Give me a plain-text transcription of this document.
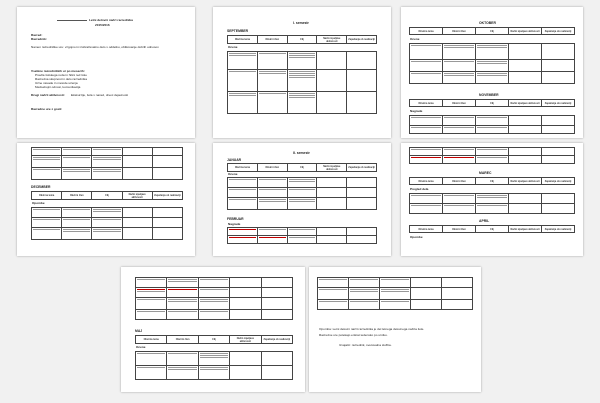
Letni delovni načrt razrednika
2015/2016
Razred:
Razrednik:
Namen razredniške ure: vzgojno in izobraževalno delo v oddelku, oblikovanje dobrih odnosov
Vsebine razredniških ur po mesecih:
Pravila šolskega reda in hišni red šole
Razredna skupnost in delo razrednika
Učne navade in metode učenja
Medsebojni odnosi, komunikacija
Drugi načrti aktivnosti: Ekskurzije, šola v naravi, dnevi dejavnosti
Razredne ure z gosti:
I. semestr
SEPTEMBER
Okvirna tema	Okvirni člen	Cilj	Način izpeljave aktivnosti	Zapažanja ob realizaciji
Ocene

OKTOBER
Okvirna tema	Okvirni člen	Cilj	Način izpeljave aktivnosti	Zapažanja ob realizaciji
Ocene

NOVEMBER
Okvirna tema	Okvirni člen	Cilj	Način izpeljave aktivnosti	Zapažanja ob realizaciji
Nagrade

DECEMBER
Okvirna tema	Okvirni člen	Cilj	Način izpeljave aktivnosti	Zapažanja ob realizaciji
Opombe

II. semestr
JANUAR
Okvirna tema	Okvirni člen	Cilj	Način izpeljave aktivnosti	Zapažanja ob realizaciji
Ocene

FEBRUAR
Nagrade

MAREC
Okvirna tema	Okvirni člen	Cilj	Način izpeljave aktivnosti	Zapažanja ob realizaciji
Pregled dela

APRIL
Okvirna tema	Okvirni člen	Cilj	Način izpeljave aktivnosti	Zapažanja ob realizaciji
Opombe

MAJ
Okvirna tema	Okvirni člen	Cilj	Način izpeljave aktivnosti	Zapažanja ob realizaciji
Ocene

Opomba: Letni delovni načrt razrednika je del letnega delovnega načrta šole.
Razredne ure potekajo enkrat tedensko po urniku.
Izvajalci: razrednik, svetovalna služba.
